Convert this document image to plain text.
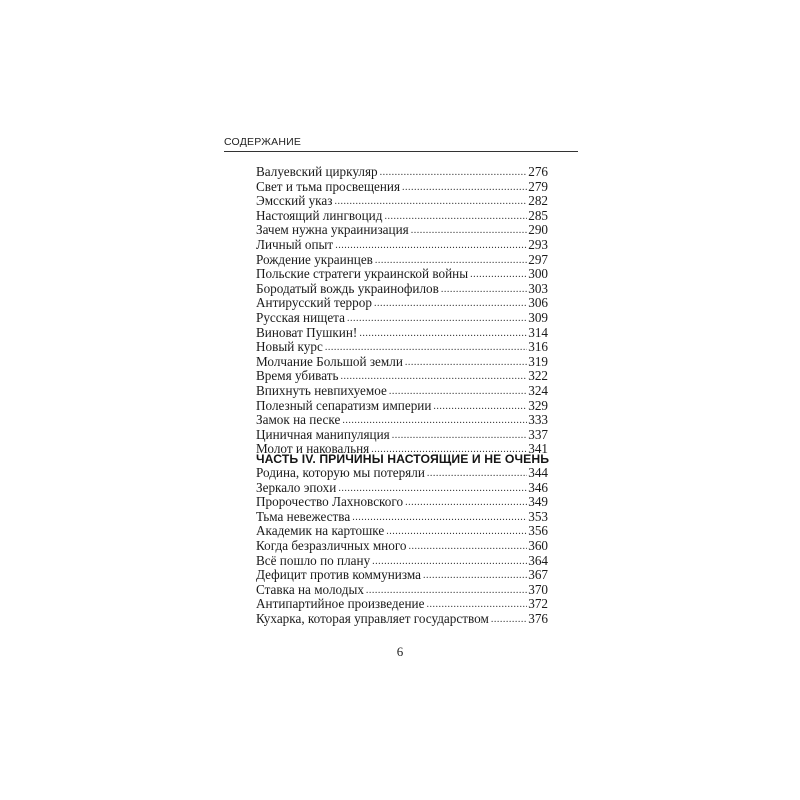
СОДЕРЖАНИЕ
Валуевский циркуляр .....	276
Свет и тьма просвещения .....	279
Эмсский указ .....	282
Настоящий лингвоцид .....	285
Зачем нужна украинизация .....	290
Личный опыт .....	293
Рождение украинцев .....	297
Польские стратеги украинской войны .....	300
Бородатый вождь украинофилов .....	303
Антирусский террор .....	306
Русская нищета .....	309
Виноват Пушкин! .....	314
Новый курс .....	316
Молчание Большой земли .....	319
Время убивать .....	322
Впихнуть невпихуемое .....	324
Полезный сепаратизм империи .....	329
Замок на песке .....	333
Циничная манипуляция .....	337
Молот и наковальня .....	341
ЧАСТЬ IV. ПРИЧИНЫ НАСТОЯЩИЕ И НЕ ОЧЕНЬ
Родина, которую мы потеряли .....	344
Зеркало эпохи .....	346
Пророчество Лахновского .....	349
Тьма невежества .....	353
Академик на картошке .....	356
Когда безразличных много .....	360
Всё пошло по плану .....	364
Дефицит против коммунизма .....	367
Ставка на молодых .....	370
Антипартийное произведение .....	372
Кухарка, которая управляет государством .....	376
6
